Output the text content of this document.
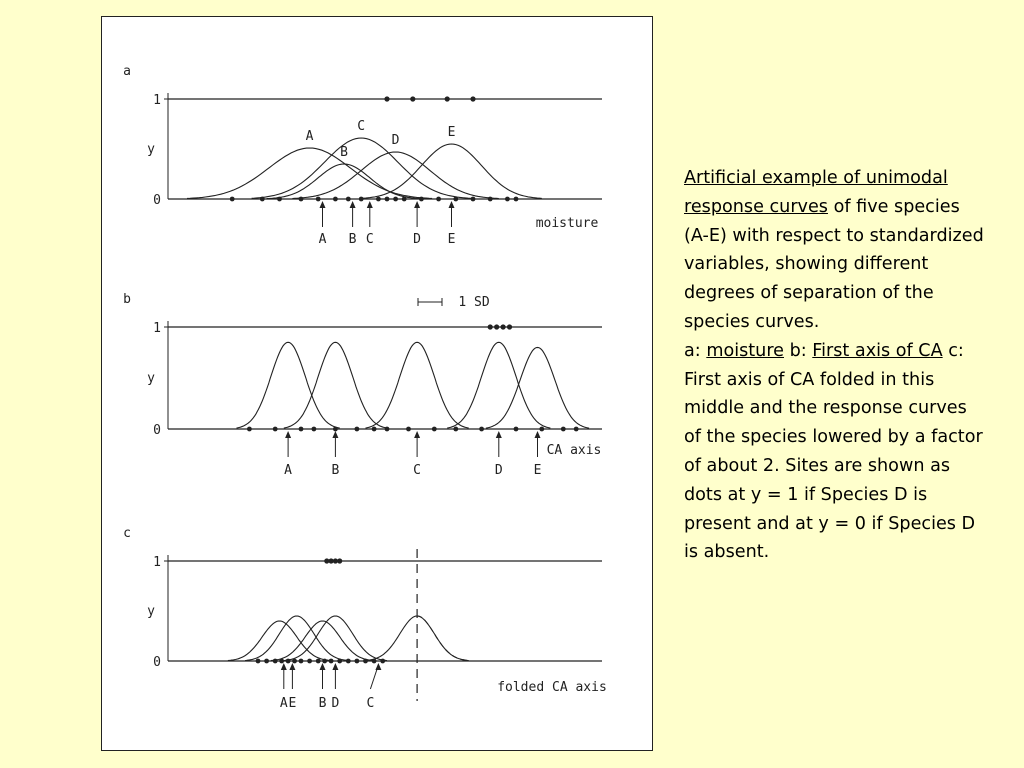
a
y
1
0
A
B
C
D
E
A B C	D E
moisture
b
y
1
0
1 SD
A	B	C	D E
CA axis
c
y
1
0
A E B D C
folded CA axis
Artificial example of unimodal response curves of five species (A-E) with respect to standardized variables, showing different degrees of separation of the species curves.
a: moisture b: First axis of CA c: First axis of CA folded in this middle and the response curves of the species lowered by a factor of about 2. Sites are shown as dots at y = 1 if Species D is present and at y = 0 if Species D is absent.
